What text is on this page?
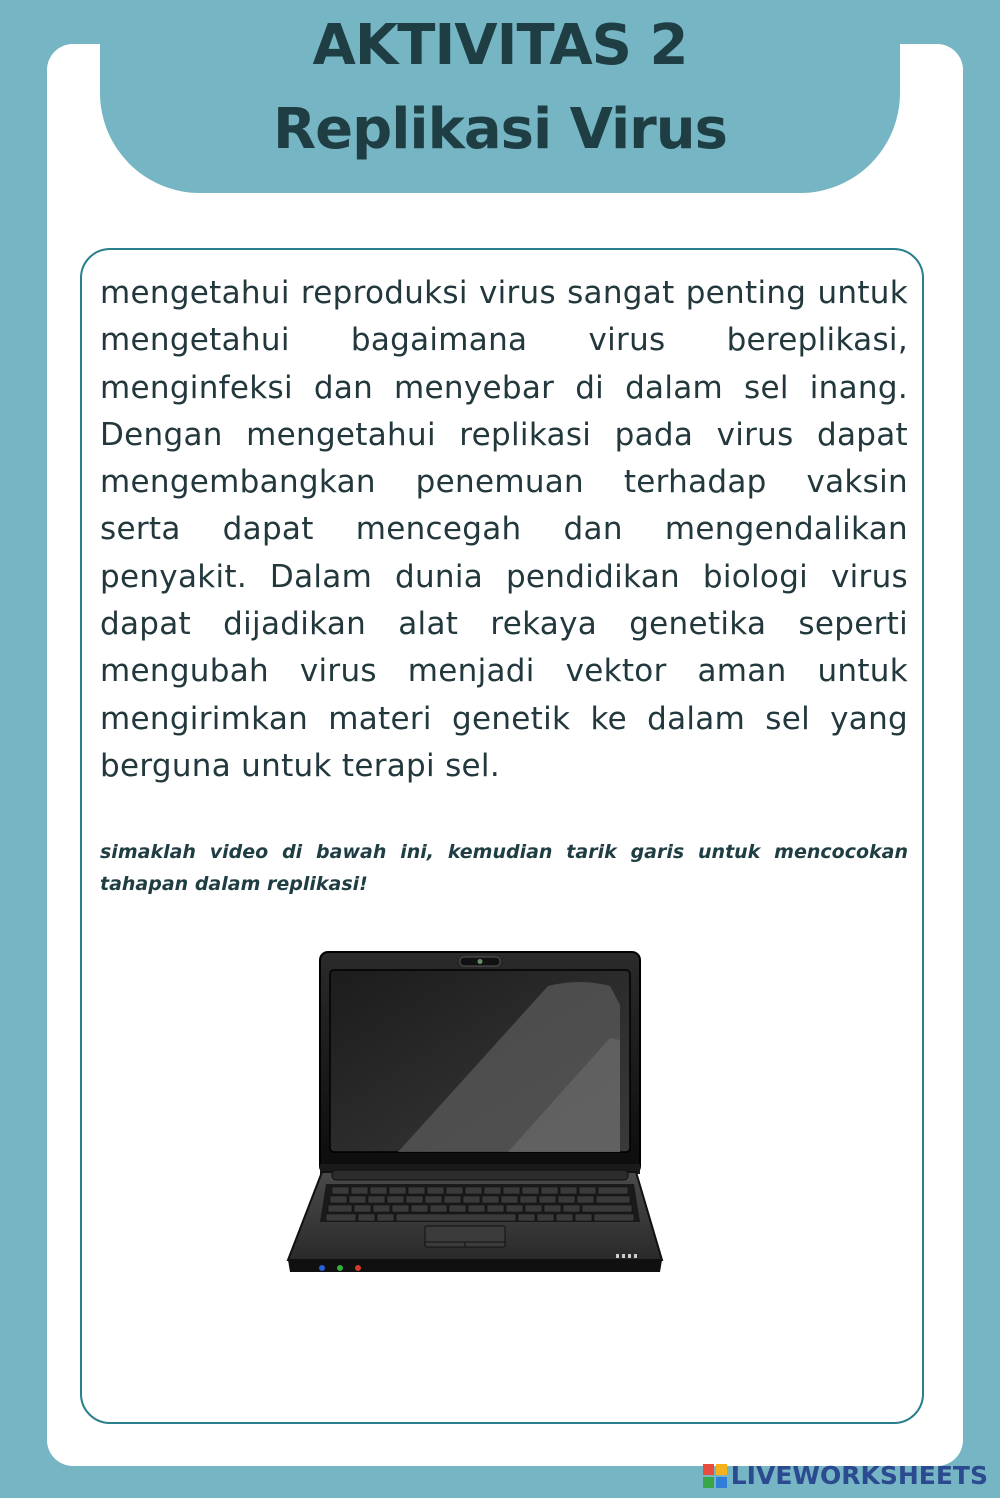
AKTIVITAS 2
Replikasi Virus

mengetahui reproduksi virus sangat penting untuk mengetahui bagaimana virus bereplikasi, menginfeksi dan menyebar di dalam sel inang. Dengan mengetahui replikasi pada virus dapat mengembangkan penemuan terhadap vaksin serta dapat mencegah dan mengendalikan penyakit. Dalam dunia pendidikan biologi virus dapat dijadikan alat rekaya genetika seperti mengubah virus menjadi vektor aman untuk mengirimkan materi genetik ke dalam sel yang berguna untuk terapi sel.

simaklah video di bawah ini, kemudian tarik garis untuk mencocokan tahapan dalam replikasi!

LIVEWORKSHEETS
